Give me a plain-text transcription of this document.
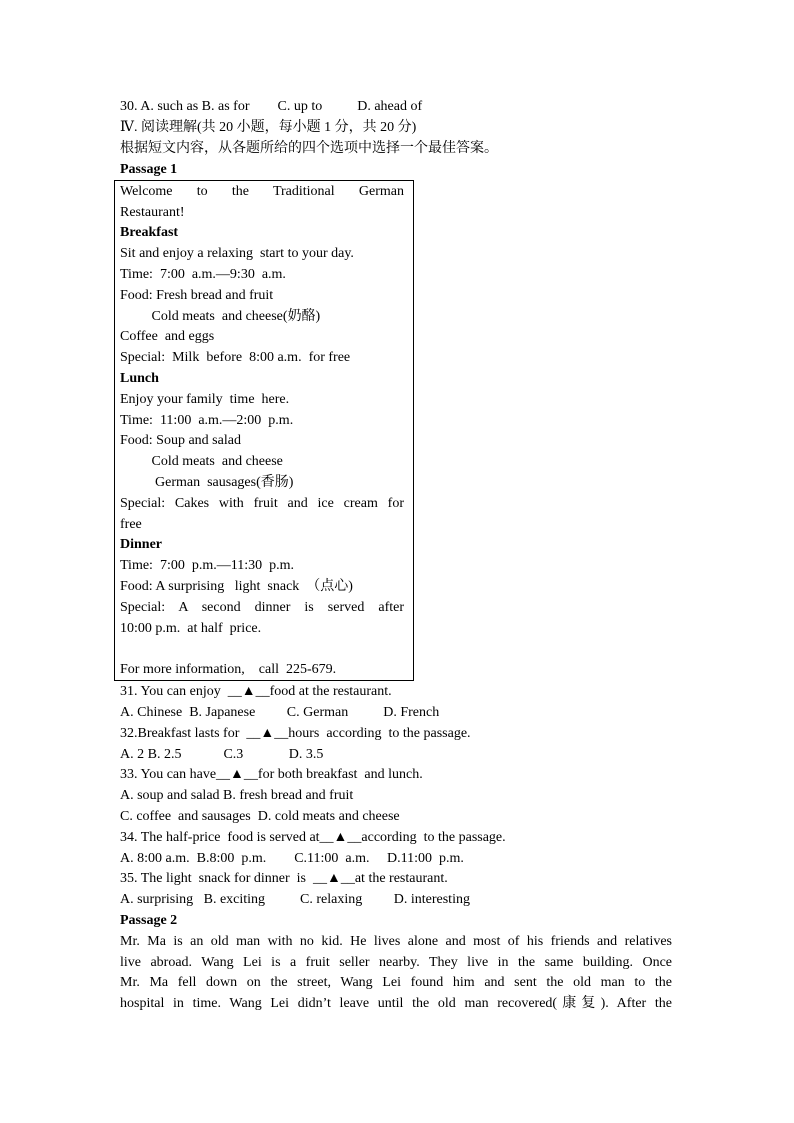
30. A. such as B. as for        C. up to          D. ahead of
Ⅳ. 阅读理解(共 20 小题，每小题 1 分，共 20 分)
根据短文内容，从各题所给的四个选项中选择一个最佳答案。
Passage 1
Welcome to the Traditional German
Restaurant!
Breakfast
Sit and enjoy a relaxing  start to your day.
Time:  7:00  a.m.—9:30  a.m.
Food: Fresh bread and fruit
Cold meats  and cheese(奶酪)
Coffee  and eggs
Special:  Milk  before  8:00 a.m.  for free
Lunch
Enjoy your family  time  here.
Time:  11:00  a.m.—2:00  p.m.
Food: Soup and salad
Cold meats  and cheese
German  sausages(香肠)
Special: Cakes with fruit and ice cream for
free
Dinner
Time:  7:00  p.m.—11:30  p.m.
Food: A surprising   light  snack  （点心)
Special: A second dinner is served after
10:00 p.m.  at half  price.
For more information,    call  225-679.
31. You can enjoy  __▲__food at the restaurant.
A. Chinese  B. Japanese         C. German          D. French
32.Breakfast lasts for  __▲__hours  according  to the passage.
A. 2 B. 2.5            C.3             D. 3.5
33. You can have__▲__for both breakfast  and lunch.
A. soup and salad B. fresh bread and fruit
C. coffee  and sausages  D. cold meats and cheese
34. The half-price  food is served at__▲__according  to the passage.
A. 8:00 a.m.  B.8:00  p.m.        C.11:00  a.m.     D.11:00  p.m.
35. The light  snack for dinner  is  __▲__at the restaurant.
A. surprising   B. exciting          C. relaxing         D. interesting
Passage 2
Mr. Ma is an old man with no kid. He lives alone and most of his friends and relatives
live abroad. Wang Lei is a fruit seller nearby. They live in the same building. Once
Mr. Ma fell down on the street, Wang Lei found him and sent the old man to the
hospital in time. Wang Lei didn’t leave until the old man recovered(康复). After the
